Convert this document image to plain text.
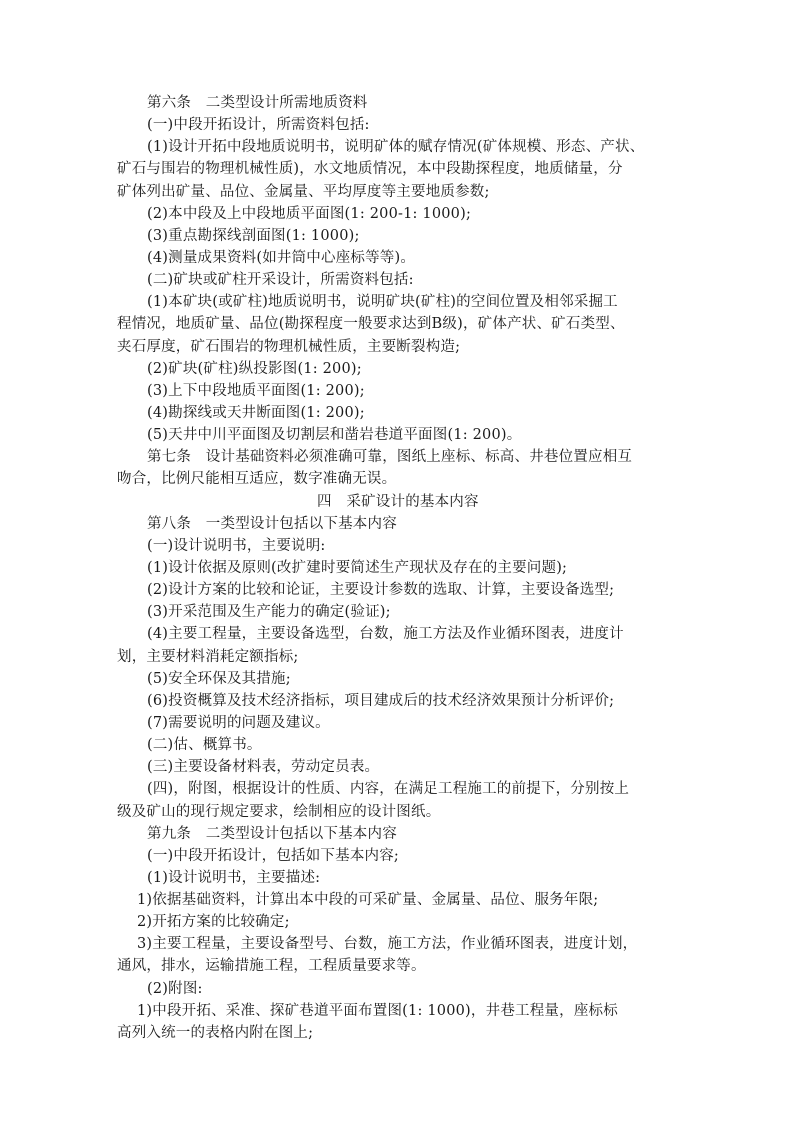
第六条　二类型设计所需地质资料
(一)中段开拓设计，所需资料包括:
(1)设计开拓中段地质说明书，说明矿体的赋存情况(矿体规模、形态、产状、
矿石与围岩的物理机械性质)，水文地质情况，本中段勘探程度，地质储量，分
矿体列出矿量、品位、金属量、平均厚度等主要地质参数;
(2)本中段及上中段地质平面图(1: 200-1: 1000);
(3)重点勘探线剖面图(1: 1000);
(4)测量成果资料(如井筒中心座标等等)。
(二)矿块或矿柱开采设计，所需资料包括:
(1)本矿块(或矿柱)地质说明书，说明矿块(矿柱)的空间位置及相邻采掘工
程情况，地质矿量、品位(勘探程度一般要求达到B级)，矿体产状、矿石类型、
夹石厚度，矿石围岩的物理机械性质，主要断裂构造;
(2)矿块(矿柱)纵投影图(1: 200);
(3)上下中段地质平面图(1: 200);
(4)勘探线或天井断面图(1: 200);
(5)天井中川平面图及切割层和凿岩巷道平面图(1: 200)。
第七条　设计基础资料必须准确可靠，图纸上座标、标高、井巷位置应相互
吻合，比例尺能相互适应，数字准确无误。
四　采矿设计的基本内容
第八条　一类型设计包括以下基本内容
(一)设计说明书，主要说明:
(1)设计依据及原则(改扩建时要简述生产现状及存在的主要问题);
(2)设计方案的比较和论证，主要设计参数的选取、计算，主要设备选型;
(3)开采范围及生产能力的确定(验证);
(4)主要工程量，主要设备选型，台数，施工方法及作业循环图表，进度计
划，主要材料消耗定额指标;
(5)安全环保及其措施;
(6)投资概算及技术经济指标，项目建成后的技术经济效果预计分析评价;
(7)需要说明的问题及建议。
(二)估、概算书。
(三)主要设备材料表，劳动定员表。
(四)，附图，根据设计的性质、内容，在满足工程施工的前提下，分别按上
级及矿山的现行规定要求，绘制相应的设计图纸。
第九条　二类型设计包括以下基本内容
(一)中段开拓设计，包括如下基本内容;
(1)设计说明书，主要描述:
1)依据基础资料，计算出本中段的可采矿量、金属量、品位、服务年限;
2)开拓方案的比较确定;
3)主要工程量，主要设备型号、台数，施工方法，作业循环图表，进度计划，
通风，排水，运输措施工程，工程质量要求等。
(2)附图:
1)中段开拓、采准、探矿巷道平面布置图(1: 1000)，井巷工程量，座标标
高列入统一的表格内附在图上;
